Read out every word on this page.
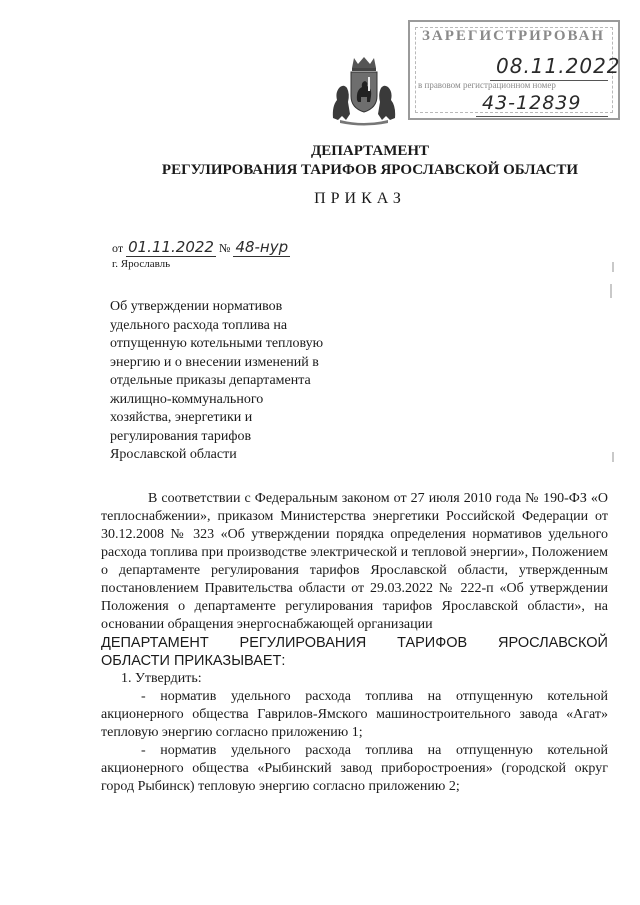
ЗАРЕГИСТРИРОВАН
08.11.2022
в правовом регистрационном номер
43-12839
ДЕПАРТАМЕНТ
РЕГУЛИРОВАНИЯ ТАРИФОВ ЯРОСЛАВСКОЙ ОБЛАСТИ
ПРИКАЗ
от 01.11.2022 № 48-нур
г. Ярославль
Об утверждении нормативов удельного расхода топлива на отпущенную котельными тепловую энергию и о внесении изменений в отдельные приказы департамента жилищно-коммунального хозяйства, энергетики и регулирования тарифов Ярославской области

В соответствии с Федеральным законом от 27 июля 2010 года № 190-ФЗ «О теплоснабжении», приказом Министерства энергетики Российской Федерации от 30.12.2008 № 323 «Об утверждении порядка определения нормативов удельного расхода топлива при производстве электрической и тепловой энергии», Положением о департаменте регулирования тарифов Ярославской области, утвержденным постановлением Правительства области от 29.03.2022 № 222-п «Об утверждении Положения о департаменте регулирования тарифов Ярославской области», на основании обращения энергоснабжающей организации

ДЕПАРТАМЕНТ РЕГУЛИРОВАНИЯ ТАРИФОВ ЯРОСЛАВСКОЙ
ОБЛАСТИ ПРИКАЗЫВАЕТ:

1. Утвердить:

- норматив удельного расхода топлива на отпущенную котельной акционерного общества Гаврилов-Ямского машиностроительного завода «Агат» тепловую энергию согласно приложению 1;

- норматив удельного расхода топлива на отпущенную котельной акционерного общества «Рыбинский завод приборостроения» (городской округ город Рыбинск) тепловую энергию согласно приложению 2;
